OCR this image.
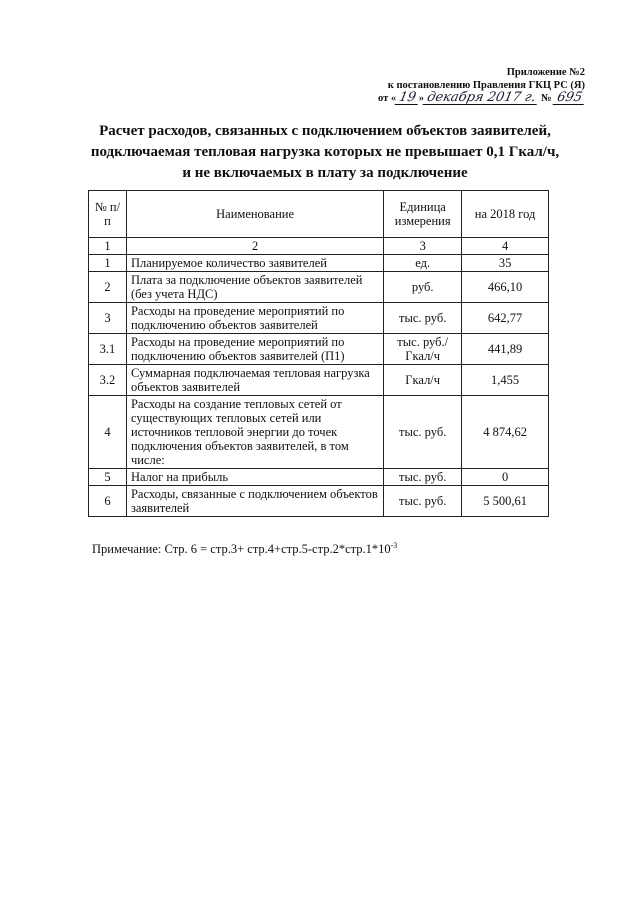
Приложение №2
к постановлению Правления ГКЦ РС (Я)
от « 19» декабря 2017 г. № 695
Расчет расходов, связанных с подключением объектов заявителей,
подключаемая тепловая нагрузка которых не превышает 0,1 Гкал/ч,
и не включаемых в плату за подключение
№ п/п	Наименование	Единица измерения	на 2018 год
1	2	3	4
1	Планируемое количество заявителей	ед.	35
2	Плата за подключение объектов заявителей (без учета НДС)	руб.	466,10
3	Расходы на проведение мероприятий по подключению объектов заявителей	тыс. руб.	642,77
3.1	Расходы на проведение мероприятий по подключению объектов заявителей (П1)	тыс. руб./ Гкал/ч	441,89
3.2	Суммарная подключаемая тепловая нагрузка объектов заявителей	Гкал/ч	1,455
4	Расходы на создание тепловых сетей от существующих тепловых сетей или источников тепловой энергии до точек подключения объектов заявителей, в том числе:	тыс. руб.	4 874,62
5	Налог на прибыль	тыс. руб.	0
6	Расходы, связанные с подключением объектов заявителей	тыс. руб.	5 500,61
Примечание: Стр. $6 = стр.3+ стр.4+стр.5-стр.2*стр.1*10^{-3}$
